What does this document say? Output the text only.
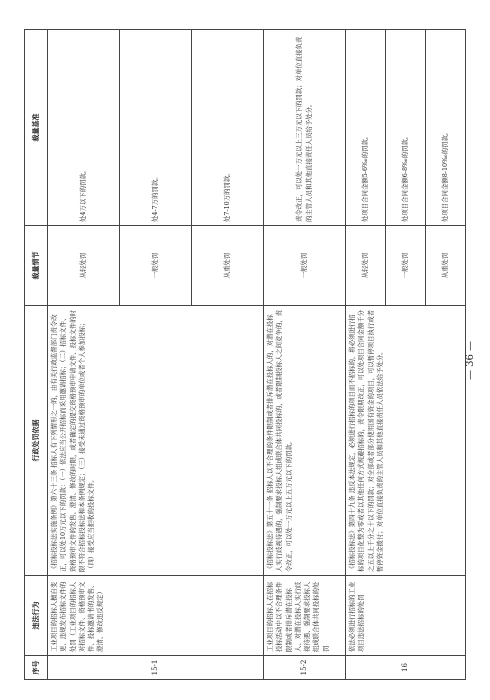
序号	违法行为	行政处罚依据	裁量情节	裁量基准
15-1	工业项目的招标人擅自变更、违规发布招标文件的处罚（工业项目的招标人对招标文件、资格预审文件、投标邀请书的发售、澄清、修改违反规定）	《招标投标法实施条例》第六十三条 招标人有下列情形之一的，由有关行政监督部门责令改正，可以处10万元以下的罚款：（一）依法应当公开招标而采用邀请招标；（二）招标文件、资格预审文件的发售、澄清、修改的时限，或者确定的提交资格预审申请文件、投标文件的时限不符合招标投标法和本条例规定；（三）接受未通过资格预审的单位或者个人参加投标；（四）接受应当拒收的投标文件。	从轻处罚	处4万以下的罚款。
			一般处罚	处4-7万的罚款。
			从重处罚	处7-10万的罚款。
15-2	工业项目的招标人在招标投标活动中以不合理条件限制或者排斥潜在投标人、对潜在投标人实行歧视待遇、强制要求投标人组成联合体共同投标的处罚	《招标投标法》第五十一条 招标人以不合理的条件限制或者排斥潜在投标人的，对潜在投标人实行歧视待遇的，强制要求投标人组成联合体共同投标的，或者限制投标人之间竞争的，责令改正，可以处一万元以上五万元以下的罚款。	一般处罚	责令改正，可以处一万元以上三万元以下的罚款；对单位直接负责的主管人员和其他直接责任人员给予处分。
16	依法必须进行招标的工业项目违法招标的处罚	《招标投标法》第四十九条 违反本法规定，必须进行招标的项目而不招标的，将必须进行招标的项目化整为零或者以其他任何方式规避招标的，责令限期改正，可以处项目合同金额千分之五以上千分之十以下的罚款；对全部或者部分使用国有资金的项目，可以暂停项目执行或者暂停资金拨付；对单位直接负责的主管人员和其他直接责任人员依法给予处分。	从轻处罚	处项目合同金额5-6‰的罚款。
			一般处罚	处项目合同金额6-8‰的罚款。
			从重处罚	处项目合同金额8-10‰的罚款。
— 36 —
